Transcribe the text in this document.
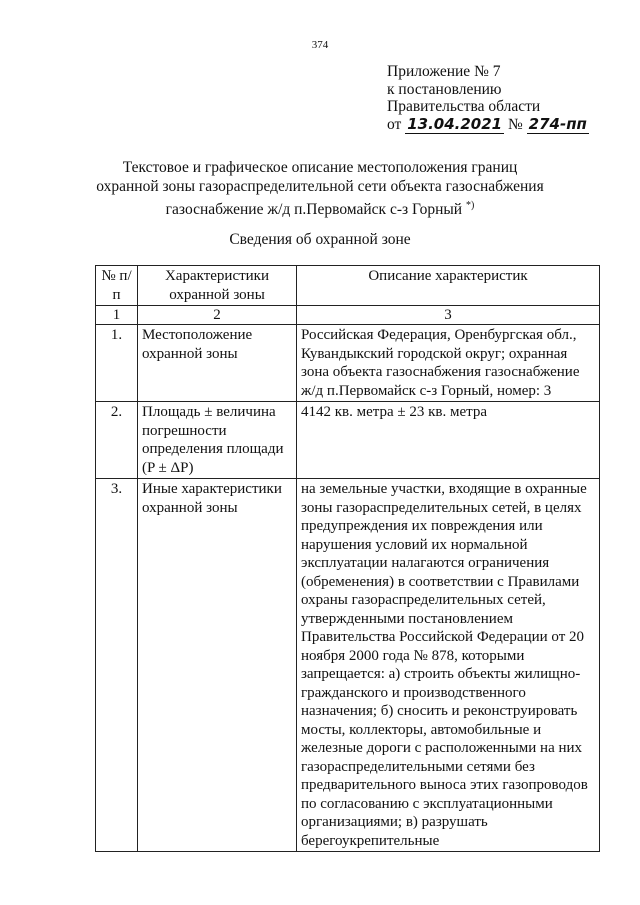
374
Приложение № 7
к постановлению
Правительства области
от 13.04.2021 № 274-пп
Текстовое и графическое описание местоположения границ
охранной зоны газораспределительной сети объекта газоснабжения
газоснабжение ж/д п.Первомайск с-з Горный *)
Сведения об охранной зоне
№ п/п	Характеристики охранной зоны	Описание характеристик
1	2	3
1.	Местоположение охранной зоны	Российская Федерация, Оренбургская обл., Кувандыкский городской округ; охранная зона объекта газоснабжения газоснабжение ж/д п.Первомайск с-з Горный, номер: 3
2.	Площадь ± величина погрешности определения площади (P ± ΔP)	4142 кв. метра ± 23 кв. метра
3.	Иные характеристики охранной зоны	на земельные участки, входящие в охранные зоны газораспределительных сетей, в целях предупреждения их повреждения или нарушения условий их нормальной эксплуатации налагаются ограничения (обременения) в соответствии с Правилами охраны газораспределительных сетей, утвержденными постановлением Правительства Российской Федерации от 20 ноября 2000 года № 878, которыми запрещается: а) строить объекты жилищно-гражданского и производственного назначения; б) сносить и реконструировать мосты, коллекторы, автомобильные и железные дороги с расположенными на них газораспределительными сетями без предварительного выноса этих газопроводов по согласованию с эксплуатационными организациями; в) разрушать берегоукрепительные
